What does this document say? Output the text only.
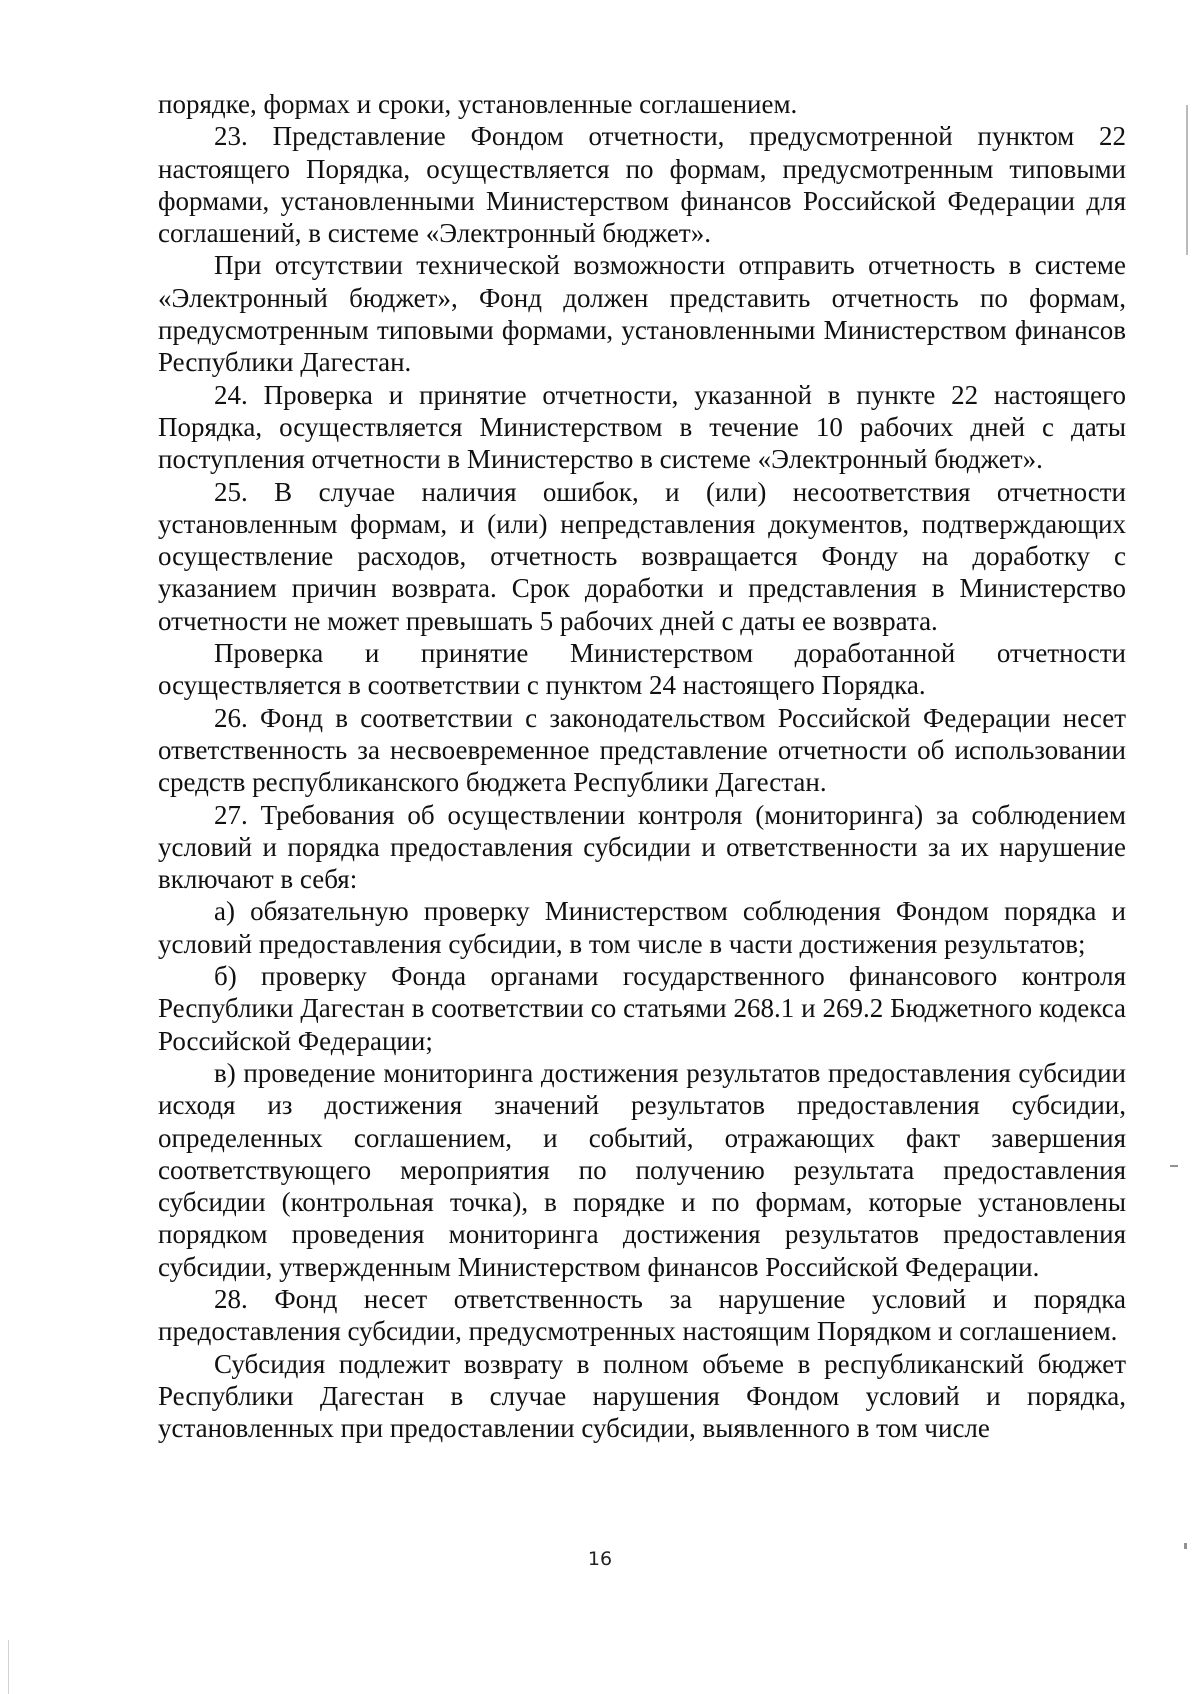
порядке, формах и сроки, установленные соглашением.

23. Представление Фондом отчетности, предусмотренной пунктом 22 настоящего Порядка, осуществляется по формам, предусмотренным типовыми формами, установленными Министерством финансов Российской Федерации для соглашений, в системе «Электронный бюджет».

При отсутствии технической возможности отправить отчетность в системе «Электронный бюджет», Фонд должен представить отчетность по формам, предусмотренным типовыми формами, установленными Министерством финансов Республики Дагестан.

24. Проверка и принятие отчетности, указанной в пункте 22 настоящего Порядка, осуществляется Министерством в течение 10 рабочих дней с даты поступления отчетности в Министерство в системе «Электронный бюджет».

25. В случае наличия ошибок, и (или) несоответствия отчетности установленным формам, и (или) непредставления документов, подтверждающих осуществление расходов, отчетность возвращается Фонду на доработку с указанием причин возврата. Срок доработки и представления в Министерство отчетности не может превышать 5 рабочих дней с даты ее возврата.

Проверка и принятие Министерством доработанной отчетности осуществляется в соответствии с пунктом 24 настоящего Порядка.

26. Фонд в соответствии с законодательством Российской Федерации несет ответственность за несвоевременное представление отчетности об использовании средств республиканского бюджета Республики Дагестан.

27. Требования об осуществлении контроля (мониторинга) за соблюдением условий и порядка предоставления субсидии и ответственности за их нарушение включают в себя:

а) обязательную проверку Министерством соблюдения Фондом порядка и условий предоставления субсидии, в том числе в части достижения результатов;

б) проверку Фонда органами государственного финансового контроля Республики Дагестан в соответствии со статьями 268.1 и 269.2 Бюджетного кодекса Российской Федерации;

в) проведение мониторинга достижения результатов предоставления субсидии исходя из достижения значений результатов предоставления субсидии, определенных соглашением, и событий, отражающих факт завершения соответствующего мероприятия по получению результата предоставления субсидии (контрольная точка), в порядке и по формам, которые установлены порядком проведения мониторинга достижения результатов предоставления субсидии, утвержденным Министерством финансов Российской Федерации.

28. Фонд несет ответственность за нарушение условий и порядка предоставления субсидии, предусмотренных настоящим Порядком и соглашением.

Субсидия подлежит возврату в полном объеме в республиканский бюджет Республики Дагестан в случае нарушения Фондом условий и порядка, установленных при предоставлении субсидии, выявленного в том числе

16
